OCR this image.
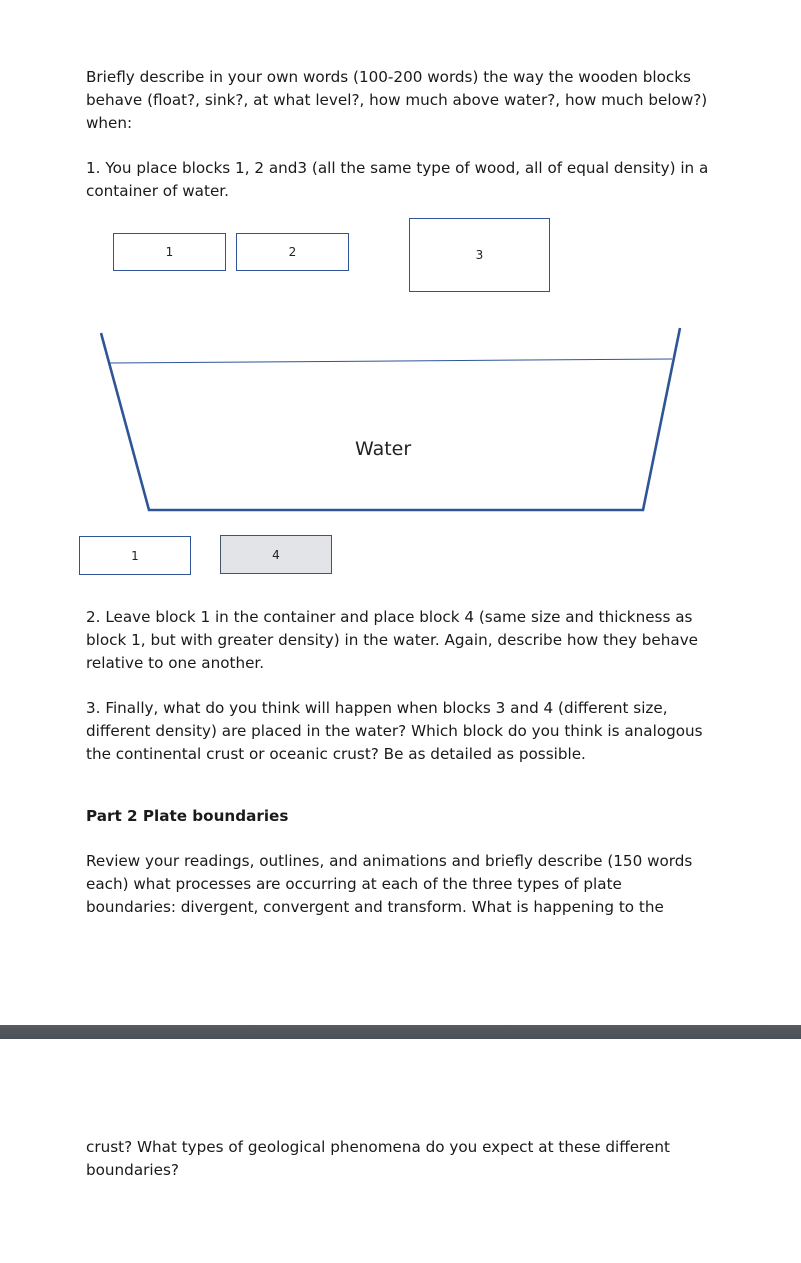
Briefly describe in your own words (100-200 words) the way the wooden blocks
behave (float?, sink?, at what level?, how much above water?, how much below?)
when:

1. You place blocks 1, 2 and3 (all the same type of wood, all of equal density) in a
container of water.

1	2	3
Water
1	4

2. Leave block 1 in the container and place block 4 (same size and thickness as
block 1, but with greater density) in the water. Again, describe how they behave
relative to one another.

3. Finally, what do you think will happen when blocks 3 and 4 (different size,
different density) are placed in the water? Which block do you think is analogous
the continental crust or oceanic crust? Be as detailed as possible.

Part 2 Plate boundaries

Review your readings, outlines, and animations and briefly describe (150 words
each) what processes are occurring at each of the three types of plate
boundaries: divergent, convergent and transform. What is happening to the

crust? What types of geological phenomena do you expect at these different
boundaries?
